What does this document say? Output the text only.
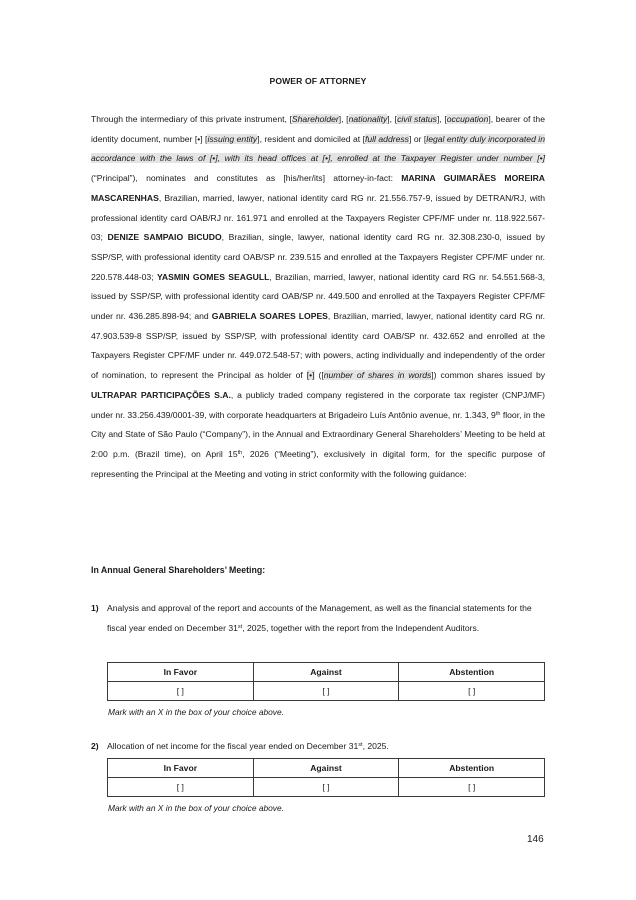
POWER OF ATTORNEY
Through the intermediary of this private instrument, [Shareholder], [nationality], [civil status], [occupation], bearer of the identity document, number [•] [issuing entity], resident and domiciled at [full address] or [legal entity duly incorporated in accordance with the laws of [•], with its head offices at [•], enrolled at the Taxpayer Register under number [•] (“Principal”), nominates and constitutes as [his/her/its] attorney-in-fact: MARINA GUIMARÃES MOREIRA MASCARENHAS, Brazilian, married, lawyer, national identity card RG nr. 21.556.757-9, issued by DETRAN/RJ, with professional identity card OAB/RJ nr. 161.971 and enrolled at the Taxpayers Register CPF/MF under nr. 118.922.567-03; DENIZE SAMPAIO BICUDO, Brazilian, single, lawyer, national identity card RG nr. 32.308.230-0, issued by SSP/SP, with professional identity card OAB/SP nr. 239.515 and enrolled at the Taxpayers Register CPF/MF under nr. 220.578.448-03; YASMIN GOMES SEAGULL, Brazilian, married, lawyer, national identity card RG nr. 54.551.568-3, issued by SSP/SP, with professional identity card OAB/SP nr. 449.500 and enrolled at the Taxpayers Register CPF/MF under nr. 436.285.898-94; and GABRIELA SOARES LOPES, Brazilian, married, lawyer, national identity card RG nr. 47.903.539-8 SSP/SP, issued by SSP/SP, with professional identity card OAB/SP nr. 432.652 and enrolled at the Taxpayers Register CPF/MF under nr. 449.072.548-57; with powers, acting individually and independently of the order of nomination, to represent the Principal as holder of [•] ([number of shares in words]) common shares issued by ULTRAPAR PARTICIPAÇÕES S.A., a publicly traded company registered in the corporate tax register (CNPJ/MF) under nr. 33.256.439/0001-39, with corporate headquarters at Brigadeiro Luís Antônio avenue, nr. 1.343, 9th floor, in the City and State of São Paulo (“Company”), in the Annual and Extraordinary General Shareholders’ Meeting to be held at 2:00 p.m. (Brazil time), on April 15th, 2026 (“Meeting”), exclusively in digital form, for the specific purpose of representing the Principal at the Meeting and voting in strict conformity with the following guidance:
In Annual General Shareholders’ Meeting:
1) Analysis and approval of the report and accounts of the Management, as well as the financial statements for the fiscal year ended on December 31st, 2025, together with the report from the Independent Auditors.
In Favor	Against	Abstention
[ ]	[ ]	[ ]
Mark with an X in the box of your choice above.
2) Allocation of net income for the fiscal year ended on December 31st, 2025.
In Favor	Against	Abstention
[ ]	[ ]	[ ]
Mark with an X in the box of your choice above.
146
